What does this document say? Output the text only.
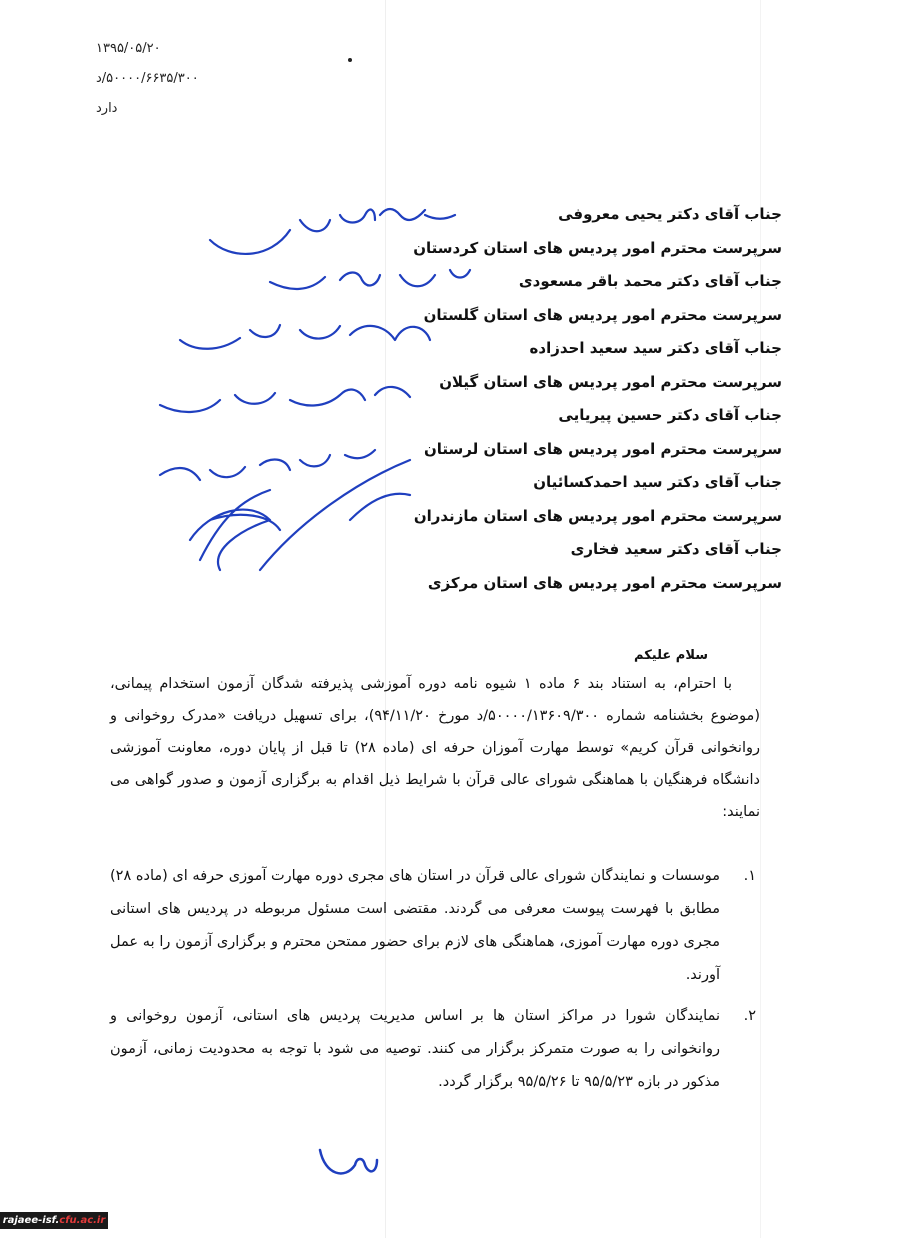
۱۳۹۵/۰۵/۲۰
۵۰۰۰۰/۶۶۳۵/۳۰۰/د
دارد
جناب آقای دکتر یحیی معروفی
سرپرست محترم امور پردیس های استان کردستان
جناب آقای دکتر محمد باقر مسعودی
سرپرست محترم امور پردیس های استان گلستان
جناب آقای دکتر سید سعید احدزاده
سرپرست محترم امور پردیس های استان گیلان
جناب آقای دکتر حسین پیریایی
سرپرست محترم امور پردیس های استان لرستان
جناب آقای دکتر سید احمدکسائیان
سرپرست محترم امور پردیس های استان مازندران
جناب آقای دکتر سعید فخاری
سرپرست محترم امور پردیس های استان مرکزی
سلام علیکم

با احترام، به استناد بند ۶ ماده ۱ شیوه نامه دوره آموزشی پذیرفته شدگان آزمون استخدام پیمانی، (موضوع بخشنامه شماره ۵۰۰۰۰/۱۳۶۰۹/۳۰۰/د مورخ ۹۴/۱۱/۲۰)، برای تسهیل دریافت «مدرک روخوانی و روانخوانی قرآن کریم» توسط مهارت آموزان حرفه ای (ماده ۲۸) تا قبل از پایان دوره، معاونت آموزشی دانشگاه فرهنگیان با هماهنگی شورای عالی قرآن با شرایط ذیل اقدام به برگزاری آزمون و صدور گواهی می نمایند:

۱.
موسسات و نمایندگان شورای عالی قرآن در استان های مجری دوره مهارت آموزی حرفه ای (ماده ۲۸) مطابق با فهرست پیوست معرفی می گردند. مقتضی است مسئول مربوطه در پردیس های استانی مجری دوره مهارت آموزی، هماهنگی های لازم برای حضور ممتحن محترم و برگزاری آزمون را به عمل آورند.
۲.
نمایندگان شورا در مراکز استان ها بر اساس مدیریت پردیس های استانی، آزمون روخوانی و روانخوانی را به صورت متمرکز برگزار می کنند. توصیه می شود با توجه به محدودیت زمانی، آزمون مذکور در بازه ۹۵/۵/۲۳ تا ۹۵/۵/۲۶ برگزار گردد.
rajaee-isf.cfu.ac.ir
